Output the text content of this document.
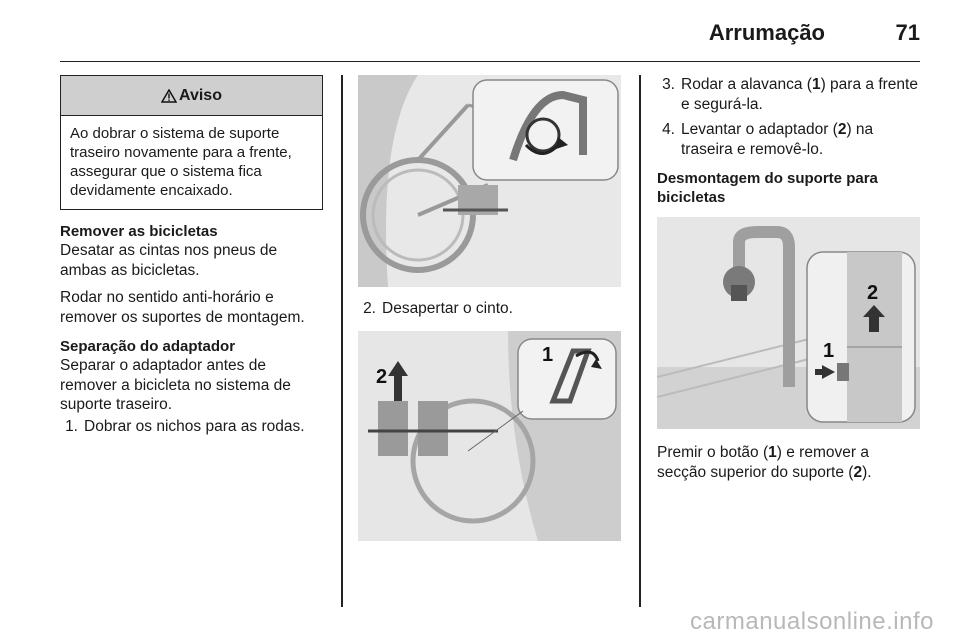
Arrumação	71
Aviso
Ao dobrar o sistema de suporte traseiro novamente para a frente, assegurar que o sistema fica devidamente encaixado.
Remover as bicicletas
Desatar as cintas nos pneus de ambas as bicicletas.
Rodar no sentido anti-horário e remover os suportes de montagem.
Separação do adaptador
Separar o adaptador antes de remover a bicicleta no sistema de suporte traseiro.
1. Dobrar os nichos para as rodas.
2. Desapertar o cinto.
2
1
3. Rodar a alavanca (1) para a frente e segurá-la.
4. Levantar o adaptador (2) na traseira e removê-lo.
Desmontagem do suporte para bicicletas
2
1
Premir o botão (1) e remover a secção superior do suporte (2).
carmanualsonline.info
